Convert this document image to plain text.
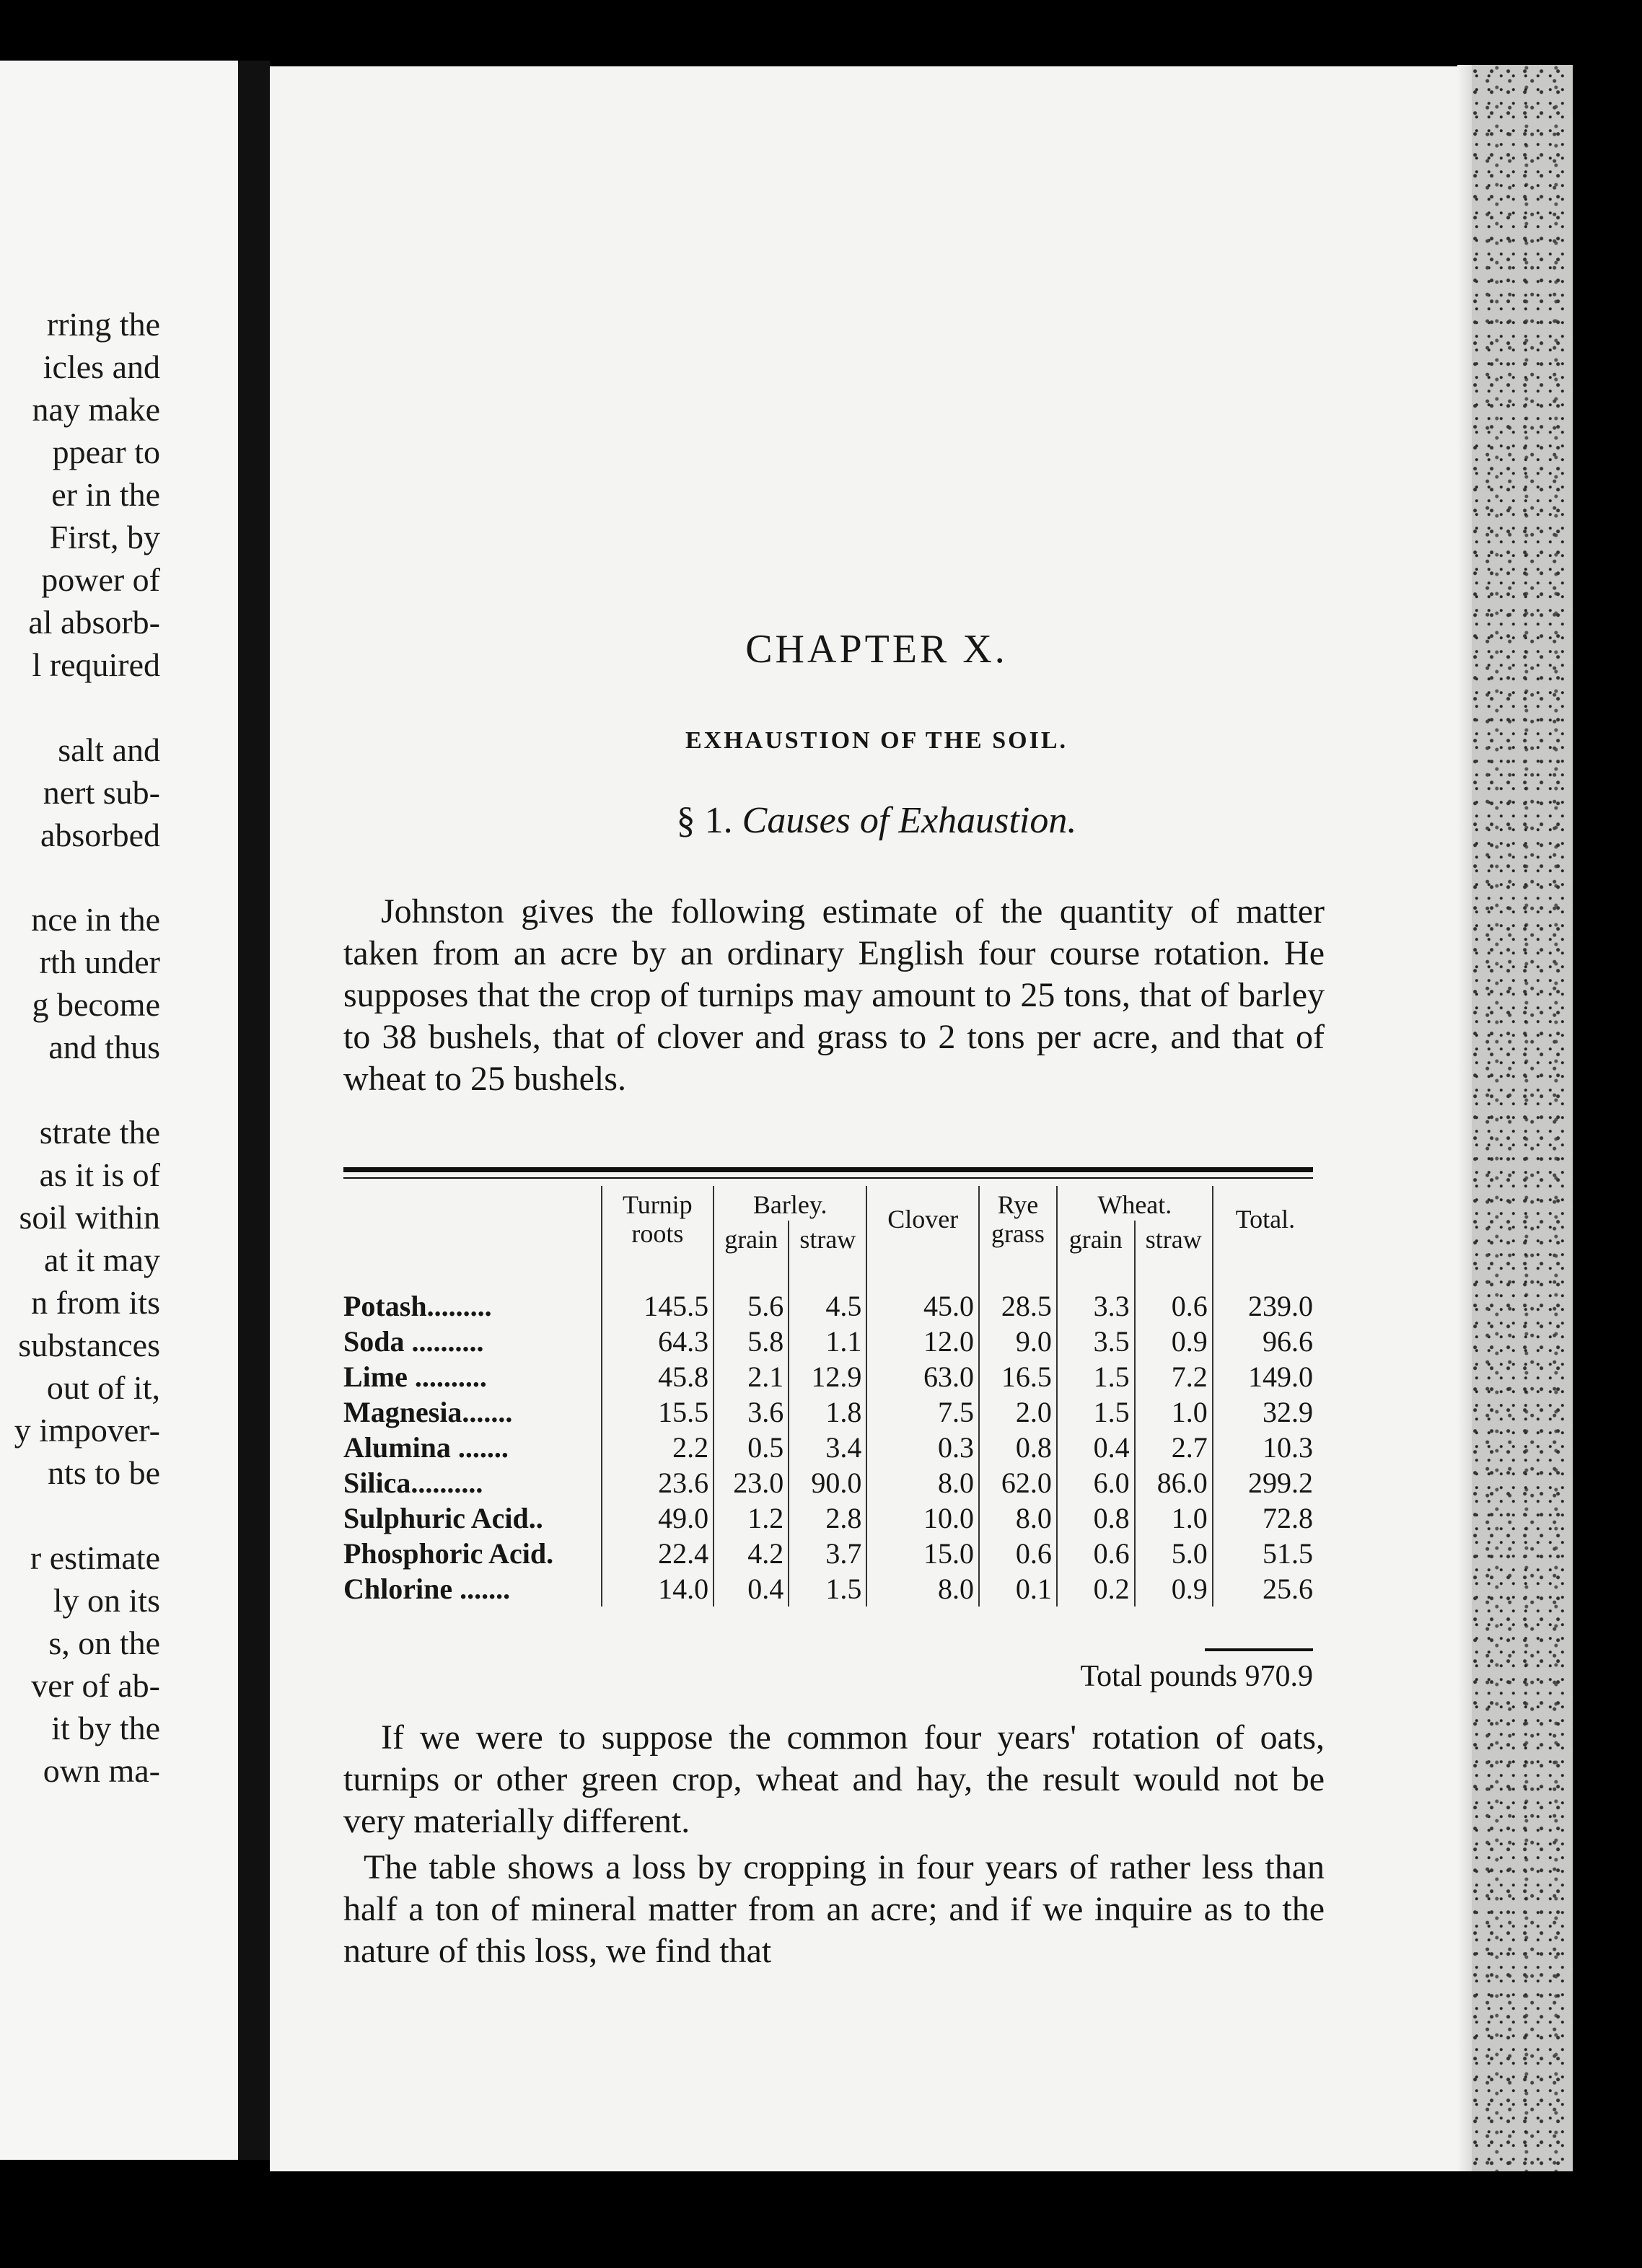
rring the
icles and
nay make
ppear to
er in the
First, by
power of
al absorb-
l required
salt and
nert sub-
absorbed
nce in the
rth under
g become
and thus
strate the
as it is of
soil within
at it may
n from its
substances
out of it,
y impover-
nts to be
r estimate
ly on its
s, on the
ver of ab-
it by the
own ma-
CHAPTER X.
EXHAUSTION OF THE SOIL.
§ 1. Causes of Exhaustion.

Johnston gives the following estimate of the quantity of matter taken from an acre by an ordinary English four course rotation. He supposes that the crop of turnips may amount to 25 tons, that of barley to 38 bushels, that of clover and grass to 2 tons per acre, and that of wheat to 25 bushels.

	Turnip roots	Barley.		Clover	Rye grass	Wheat.		Total.
		grain	straw			grain	straw	

Potash.........	145.5	5.6	4.5	45.0	28.5	3.3	0.6	239.0
Soda ..........	64.3	5.8	1.1	12.0	9.0	3.5	0.9	96.6
Lime ..........	45.8	2.1	12.9	63.0	16.5	1.5	7.2	149.0
Magnesia.......	15.5	3.6	1.8	7.5	2.0	1.5	1.0	32.9
Alumina .......	2.2	0.5	3.4	0.3	0.8	0.4	2.7	10.3
Silica..........	23.6	23.0	90.0	8.0	62.0	6.0	86.0	299.2
Sulphuric Acid..	49.0	1.2	2.8	10.0	8.0	0.8	1.0	72.8
Phosphoric Acid.	22.4	4.2	3.7	15.0	0.6	0.6	5.0	51.5
Chlorine .......	14.0	0.4	1.5	8.0	0.1	0.2	0.9	25.6
Total pounds 970.9

If we were to suppose the common four years' rotation of oats, turnips or other green crop, wheat and hay, the result would not be very materially different.

The table shows a loss by cropping in four years of rather less than half a ton of mineral matter from an acre; and if we inquire as to the nature of this loss, we find that
